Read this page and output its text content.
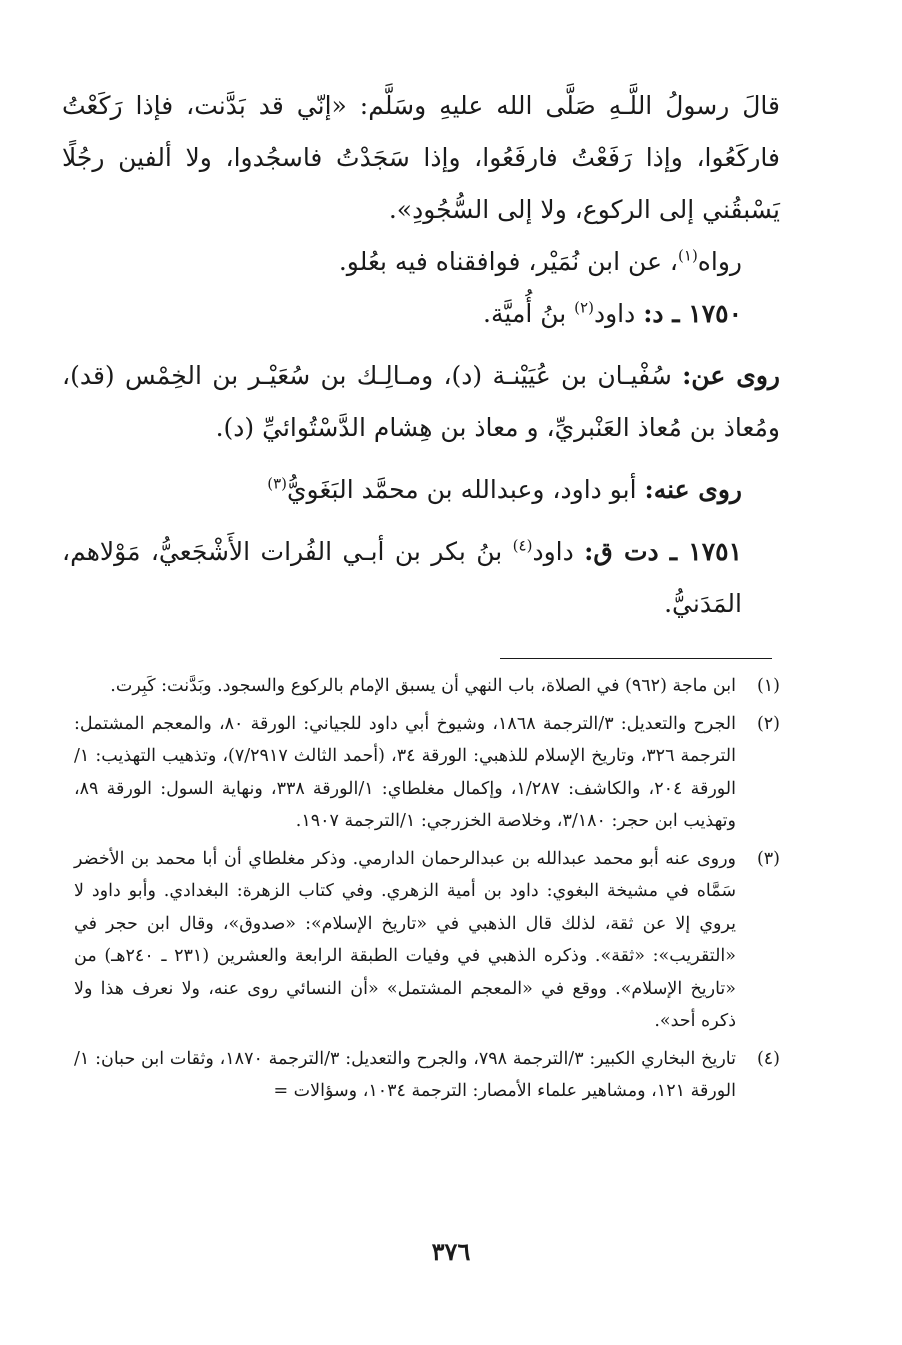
قالَ رسولُ اللَّـهِ صَلَّى الله عليهِ وسَلَّم: «إنّي قد بَدَّنت، فإذا رَكَعْتُ فاركَعُوا، وإذا رَفَعْتُ فارفَعُوا، وإذا سَجَدْتُ فاسجُدوا، ولا ألفين رجُلًا يَسْبقُني إلى الركوع، ولا إلى السُّجُودِ».

رواه$^{(١)}$، عن ابن نُمَيْر، فوافقناه فيه بعُلو.

١٧٥٠ ـ د: داود$^{(٢)}$ بنُ أُميَّة.

روى عن: سُفْيـان بن عُيَيْنـة (د)، ومـالِـك بن سُعَيْـر بن الخِمْس (قد)، ومُعاذ بن مُعاذ العَنْبريِّ، و معاذ بن هِشام الدَّسْتُوائيِّ (د).

روى عنه: أبو داود، وعبدالله بن محمَّد البَغَويُّ$^{(٣)}$

١٧٥١ ـ دت ق: داود$^{(٤)}$ بنُ بكر بن أبـي الفُرات الأَشْجَعيُّ، مَوْلاهم، المَدَنيُّ.

(١)
ابن ماجة (٩٦٢) في الصلاة، باب النهي أن يسبق الإمام بالركوع والسجود. وبَدَّنت: كَبِرت.

(٢)
الجرح والتعديل: ٣/الترجمة ١٨٦٨، وشيوخ أبي داود للجياني: الورقة ٨٠، والمعجم المشتمل: الترجمة ٣٢٦، وتاريخ الإسلام للذهبي: الورقة ٣٤، (أحمد الثالث ٧/٢٩١٧)، وتذهيب التهذيب: ١/الورقة ٢٠٤، والكاشف: ١/٢٨٧، وإكمال مغلطاي: ١/الورقة ٣٣٨، ونهاية السول: الورقة ٨٩، وتهذيب ابن حجر: ٣/١٨٠، وخلاصة الخزرجي: ١/الترجمة ١٩٠٧.

(٣)
وروى عنه أبو محمد عبدالله بن عبدالرحمان الدارمي. وذكر مغلطاي أن أبا محمد بن الأخضر سَمَّاه في مشيخة البغوي: داود بن أمية الزهري. وفي كتاب الزهرة: البغدادي. وأبو داود لا يروي إلا عن ثقة، لذلك قال الذهبي في «تاريخ الإسلام»: «صدوق»، وقال ابن حجر في «التقريب»: «ثقة». وذكره الذهبي في وفيات الطبقة الرابعة والعشرين (٢٣١ ـ ٢٤٠هـ) من «تاريخ الإسلام». ووقع في «المعجم المشتمل» «أن النسائي روى عنه، ولا نعرف هذا ولا ذكره أحد».

(٤)
تاريخ البخاري الكبير: ٣/الترجمة ٧٩٨، والجرح والتعديل: ٣/الترجمة ١٨٧٠، وثقات ابن حبان: ١/الورقة ١٢١، ومشاهير علماء الأمصار: الترجمة ١٠٣٤، وسؤالات =

٣٧٦
